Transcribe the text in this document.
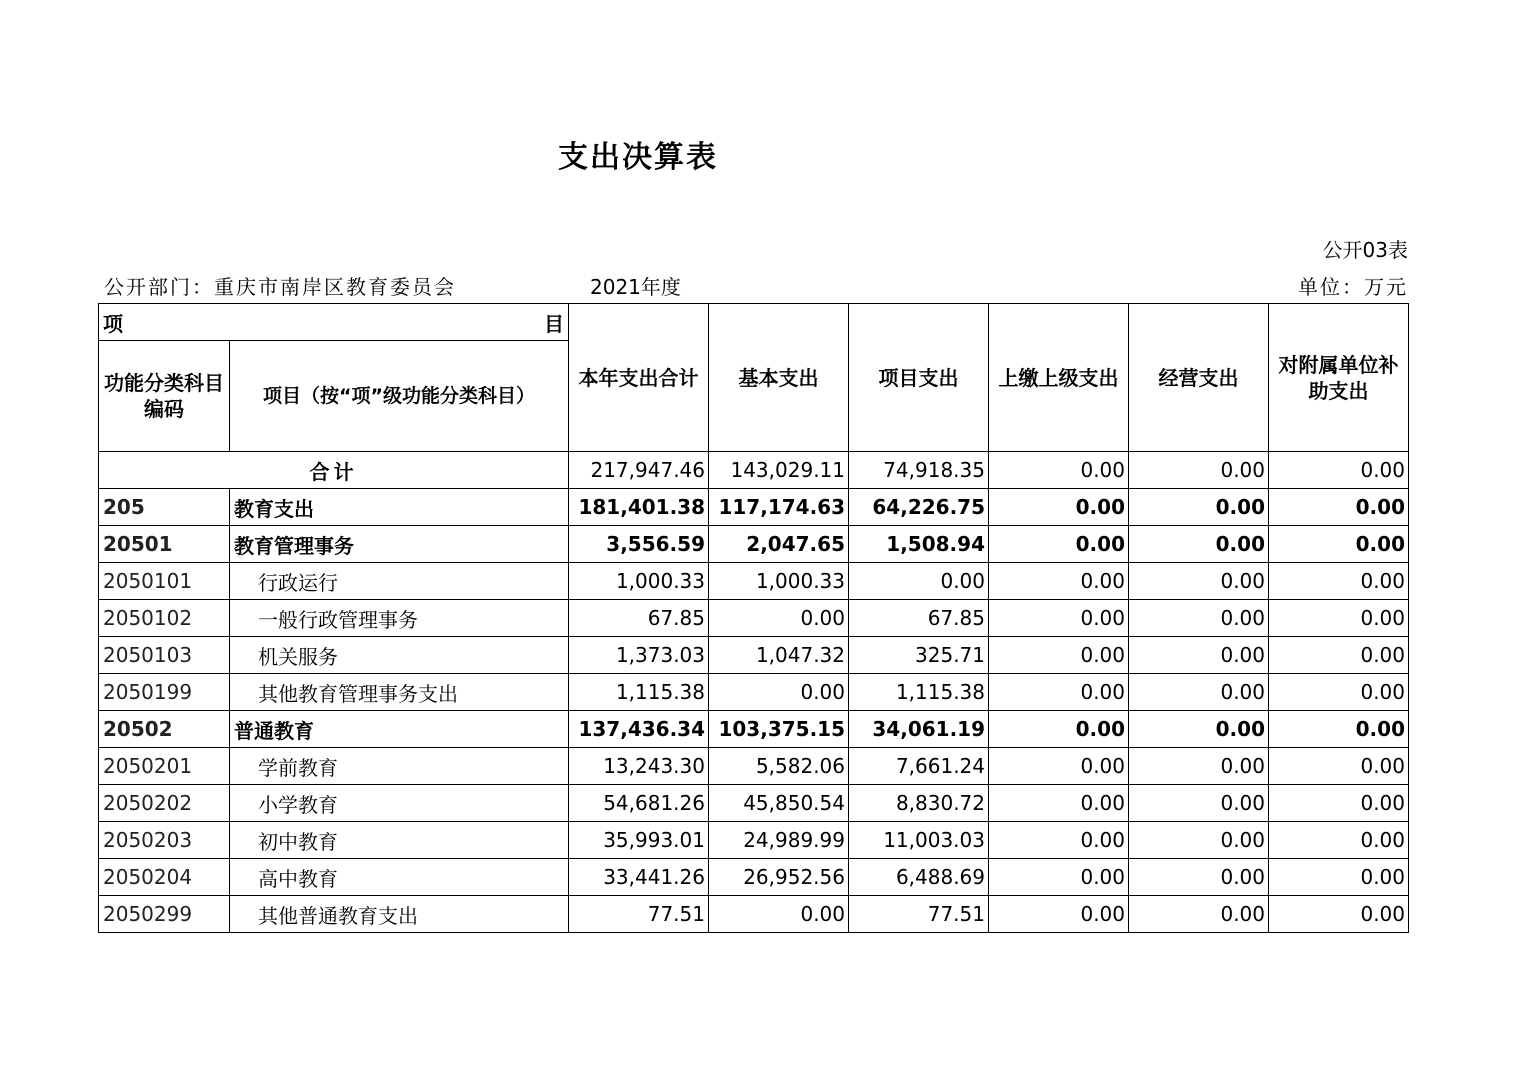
支出决算表
公开03表
公开部门：重庆市南岸区教育委员会	2021年度	单位：万元
项 目		本年支出合计	基本支出	项目支出	上缴上级支出	经营支出	对附属单位补助支出
功能分类科目编码	项目（按“项”级功能分类科目）						
合计		217,947.46	143,029.11	74,918.35	0.00	0.00	0.00
205	教育支出	181,401.38	117,174.63	64,226.75	0.00	0.00	0.00
20501	教育管理事务	3,556.59	2,047.65	1,508.94	0.00	0.00	0.00
2050101	行政运行	1,000.33	1,000.33	0.00	0.00	0.00	0.00
2050102	一般行政管理事务	67.85	0.00	67.85	0.00	0.00	0.00
2050103	机关服务	1,373.03	1,047.32	325.71	0.00	0.00	0.00
2050199	其他教育管理事务支出	1,115.38	0.00	1,115.38	0.00	0.00	0.00
20502	普通教育	137,436.34	103,375.15	34,061.19	0.00	0.00	0.00
2050201	学前教育	13,243.30	5,582.06	7,661.24	0.00	0.00	0.00
2050202	小学教育	54,681.26	45,850.54	8,830.72	0.00	0.00	0.00
2050203	初中教育	35,993.01	24,989.99	11,003.03	0.00	0.00	0.00
2050204	高中教育	33,441.26	26,952.56	6,488.69	0.00	0.00	0.00
2050299	其他普通教育支出	77.51	0.00	77.51	0.00	0.00	0.00
